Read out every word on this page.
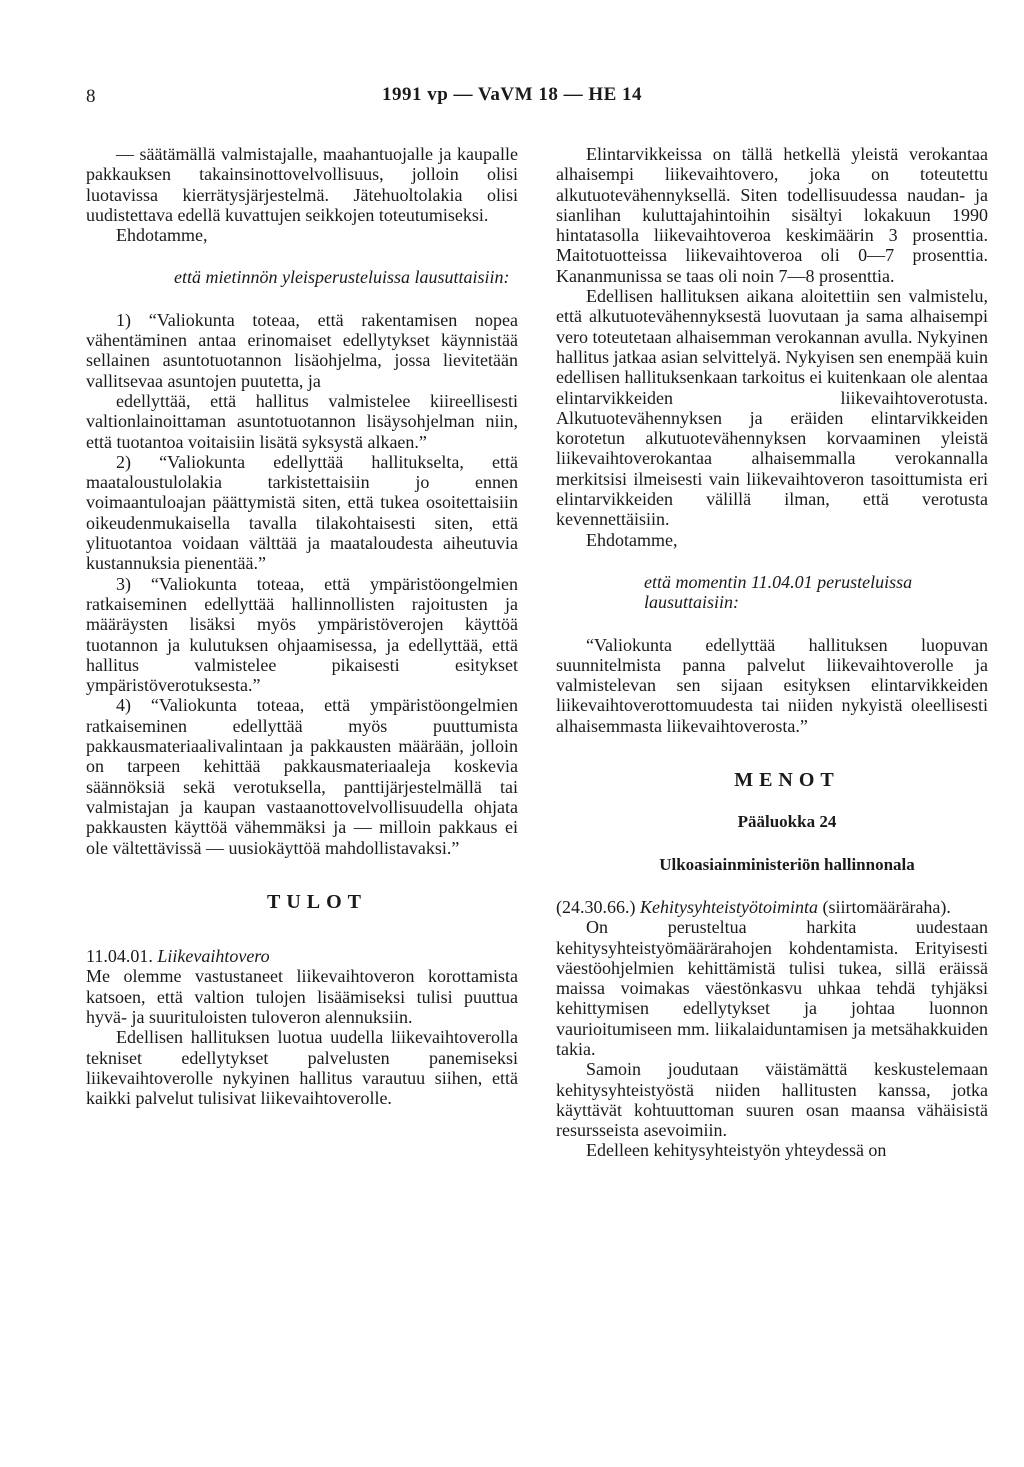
8	1991 vp — VaVM 18 — HE 14

— säätämällä valmistajalle, maahantuojalle ja kaupalle pakkauksen takainsinottovelvollisuus, jolloin olisi luotavissa kierrätysjärjestelmä. Jätehuoltolakia olisi uudistettava edellä kuvattujen seikkojen toteutumiseksi.

Ehdotamme,

että mietinnön yleisperusteluissa lausuttaisiin:

1) “Valiokunta toteaa, että rakentamisen nopea vähentäminen antaa erinomaiset edellytykset käynnistää sellainen asuntotuotannon lisäohjelma, jossa lievitetään vallitsevaa asuntojen puutetta, ja

edellyttää, että hallitus valmistelee kiireellisesti valtionlainoittaman asuntotuotannon lisäysohjelman niin, että tuotantoa voitaisiin lisätä syksystä alkaen.”

2) “Valiokunta edellyttää hallitukselta, että maataloustulolakia tarkistettaisiin jo ennen voimaantuloajan päättymistä siten, että tukea osoitettaisiin oikeudenmukaisella tavalla tilakohtaisesti siten, että ylituotantoa voidaan välttää ja maataloudesta aiheutuvia kustannuksia pienentää.”

3) “Valiokunta toteaa, että ympäristöongelmien ratkaiseminen edellyttää hallinnollisten rajoitusten ja määräysten lisäksi myös ympäristöverojen käyttöä tuotannon ja kulutuksen ohjaamisessa, ja edellyttää, että hallitus valmistelee pikaisesti esitykset ympäristöverotuksesta.”

4) “Valiokunta toteaa, että ympäristöongelmien ratkaiseminen edellyttää myös puuttumista pakkausmateriaalivalintaan ja pakkausten määrään, jolloin on tarpeen kehittää pakkausmateriaaleja koskevia säännöksiä sekä verotuksella, panttijärjestelmällä tai valmistajan ja kaupan vastaanottovelvollisuudella ohjata pakkausten käyttöä vähemmäksi ja — milloin pakkaus ei ole vältettävissä — uusiokäyttöä mahdollistavaksi.”

TULOT

11.04.01. Liikevaihtovero

Me olemme vastustaneet liikevaihtoveron korottamista katsoen, että valtion tulojen lisäämiseksi tulisi puuttua hyvä- ja suurituloisten tuloveron alennuksiin.

Edellisen hallituksen luotua uudella liikevaihtoverolla tekniset edellytykset palvelusten panemiseksi liikevaihtoverolle nykyinen hallitus varautuu siihen, että kaikki palvelut tulisivat liikevaihtoverolle.

Elintarvikkeissa on tällä hetkellä yleistä verokantaa alhaisempi liikevaihtovero, joka on toteutettu alkutuotevähennyksellä. Siten todellisuudessa naudan- ja sianlihan kuluttajahintoihin sisältyi lokakuun 1990 hintatasolla liikevaihtoveroa keskimäärin 3 prosenttia. Maitotuotteissa liikevaihtoveroa oli 0—7 prosenttia. Kananmunissa se taas oli noin 7—8 prosenttia.

Edellisen hallituksen aikana aloitettiin sen valmistelu, että alkutuotevähennyksestä luovutaan ja sama alhaisempi vero toteutetaan alhaisemman verokannan avulla. Nykyinen hallitus jatkaa asian selvittelyä. Nykyisen sen enempää kuin edellisen hallituksenkaan tarkoitus ei kuitenkaan ole alentaa elintarvikkeiden liikevaihtoverotusta. Alkutuotevähennyksen ja eräiden elintarvikkeiden korotetun alkutuotevähennyksen korvaaminen yleistä liikevaihtoverokantaa alhaisemmalla verokannalla merkitsisi ilmeisesti vain liikevaihtoveron tasoittumista eri elintarvikkeiden välillä ilman, että verotusta kevennettäisiin.

Ehdotamme,

että momentin 11.04.01 perusteluissa lausuttaisiin:

“Valiokunta edellyttää hallituksen luopuvan suunnitelmista panna palvelut liikevaihtoverolle ja valmistelevan sen sijaan esityksen elintarvikkeiden liikevaihtoverottomuudesta tai niiden nykyistä oleellisesti alhaisemmasta liikevaihtoverosta.”

MENOT

Pääluokka 24

Ulkoasiainministeriön hallinnonala

(24.30.66.) Kehitysyhteistyötoiminta (siirtomääräraha).

On perusteltua harkita uudestaan kehitysyhteistyömäärärahojen kohdentamista. Erityisesti väestöohjelmien kehittämistä tulisi tukea, sillä eräissä maissa voimakas väestönkasvu uhkaa tehdä tyhjäksi kehittymisen edellytykset ja johtaa luonnon vaurioitumiseen mm. liikalaiduntamisen ja metsähakkuiden takia.

Samoin joudutaan väistämättä keskustelemaan kehitysyhteistyöstä niiden hallitusten kanssa, jotka käyttävät kohtuuttoman suuren osan maansa vähäisistä resursseista asevoimiin.

Edelleen kehitysyhteistyön yhteydessä on
